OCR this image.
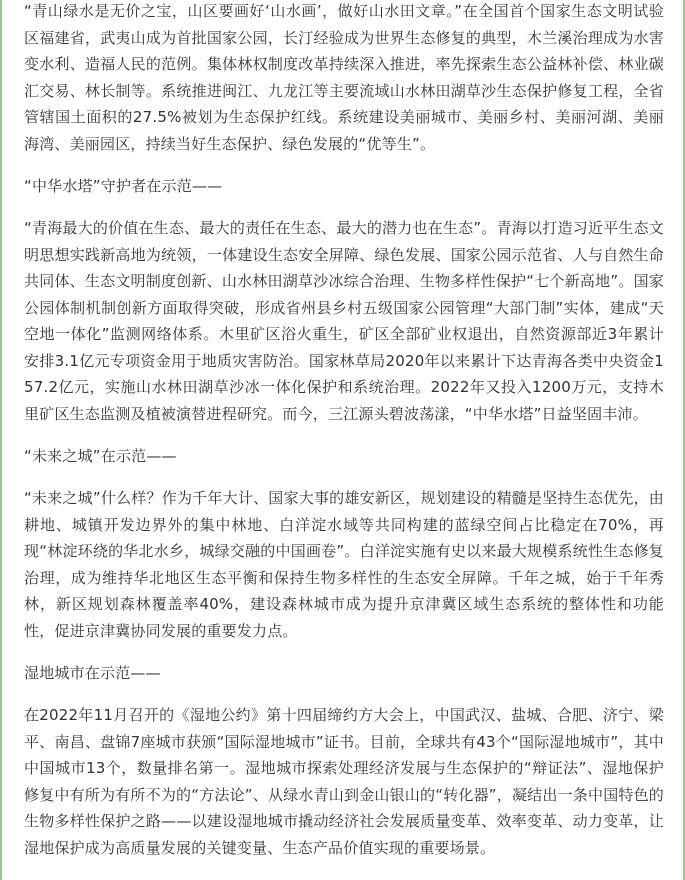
“青山绿水是无价之宝，山区要画好‘山水画’，做好山水田文章。”在全国首个国家生态文明试验区福建省，武夷山成为首批国家公园，长汀经验成为世界生态修复的典型，木兰溪治理成为水害变水利、造福人民的范例。集体林权制度改革持续深入推进，率先探索生态公益林补偿、林业碳汇交易、林长制等。系统推进闽江、九龙江等主要流域山水林田湖草沙生态保护修复工程，全省管辖国土面积的27.5%被划为生态保护红线。系统建设美丽城市、美丽乡村、美丽河湖、美丽海湾、美丽园区，持续当好生态保护、绿色发展的“优等生”。

“中华水塔”守护者在示范——

“青海最大的价值在生态、最大的责任在生态、最大的潜力也在生态”。青海以打造习近平生态文明思想实践新高地为统领，一体建设生态安全屏障、绿色发展、国家公园示范省、人与自然生命共同体、生态文明制度创新、山水林田湖草沙冰综合治理、生物多样性保护“七个新高地”。国家公园体制机制创新方面取得突破，形成省州县乡村五级国家公园管理“大部门制”实体，建成“天空地一体化”监测网络体系。木里矿区浴火重生，矿区全部矿业权退出，自然资源部近3年累计安排3.1亿元专项资金用于地质灾害防治。国家林草局2020年以来累计下达青海各类中央资金157.2亿元，实施山水林田湖草沙冰一体化保护和系统治理。2022年又投入1200万元，支持木里矿区生态监测及植被演替进程研究。而今，三江源头碧波荡漾，“中华水塔”日益坚固丰沛。

“未来之城”在示范——

“未来之城”什么样？作为千年大计、国家大事的雄安新区，规划建设的精髓是坚持生态优先，由耕地、城镇开发边界外的集中林地、白洋淀水域等共同构建的蓝绿空间占比稳定在70%，再现“林淀环绕的华北水乡，城绿交融的中国画卷”。白洋淀实施有史以来最大规模系统性生态修复治理，成为维持华北地区生态平衡和保持生物多样性的生态安全屏障。千年之城，始于千年秀林，新区规划森林覆盖率40%，建设森林城市成为提升京津冀区域生态系统的整体性和功能性，促进京津冀协同发展的重要发力点。

湿地城市在示范——

在2022年11月召开的《湿地公约》第十四届缔约方大会上，中国武汉、盐城、合肥、济宁、梁平、南昌、盘锦7座城市获颁“国际湿地城市”证书。目前，全球共有43个“国际湿地城市”，其中中国城市13个，数量排名第一。湿地城市探索处理经济发展与生态保护的“辩证法”、湿地保护修复中有所为有所不为的“方法论”、从绿水青山到金山银山的“转化器”，凝结出一条中国特色的生物多样性保护之路——以建设湿地城市撬动经济社会发展质量变革、效率变革、动力变革，让湿地保护成为高质量发展的关键变量、生态产品价值实现的重要场景。
